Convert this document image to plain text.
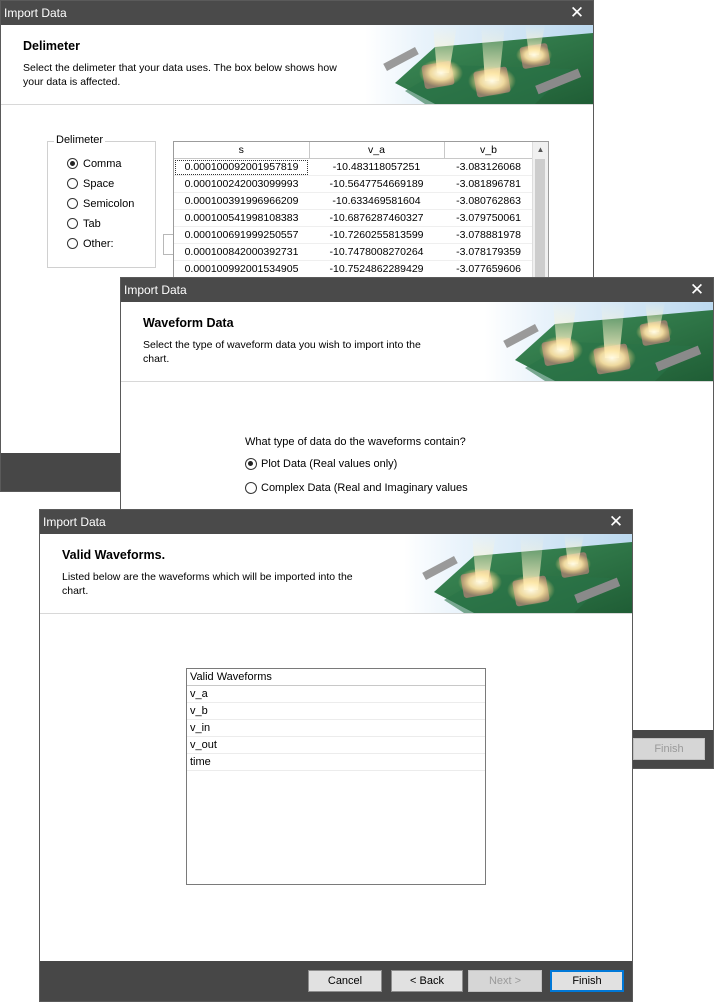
Import Data	✕
Delimeter
Select the delimeter that your data uses. The box below shows how your data is affected.
Delimeter
Comma
Space
Semicolon
Tab
Other:
s	v_a	v_b
0.000100092001957819	-10.483118057251	-3.083126068
0.000100242003099993	-10.5647754669189	-3.081896781
0.000100391996966209	-10.633469581604	-3.080762863
0.000100541998108383	-10.6876287460327	-3.079750061
0.000100691999250557	-10.7260255813599	-3.078881978
0.000100842000392731	-10.7478008270264	-3.078179359
0.000100992001534905	-10.7524862289429	-3.077659606
▲
Import Data	✕
Waveform Data
Select the type of waveform data you wish to import into the chart.
What type of data do the waveforms contain?
Plot Data (Real values only)
Complex Data (Real and Imaginary values
Finish
Import Data	✕
Valid Waveforms.
Listed below are the waveforms which will be imported into the chart.
Valid Waveforms
v_a
v_b
v_in
v_out
time
Cancel	< Back	Next >	Finish
